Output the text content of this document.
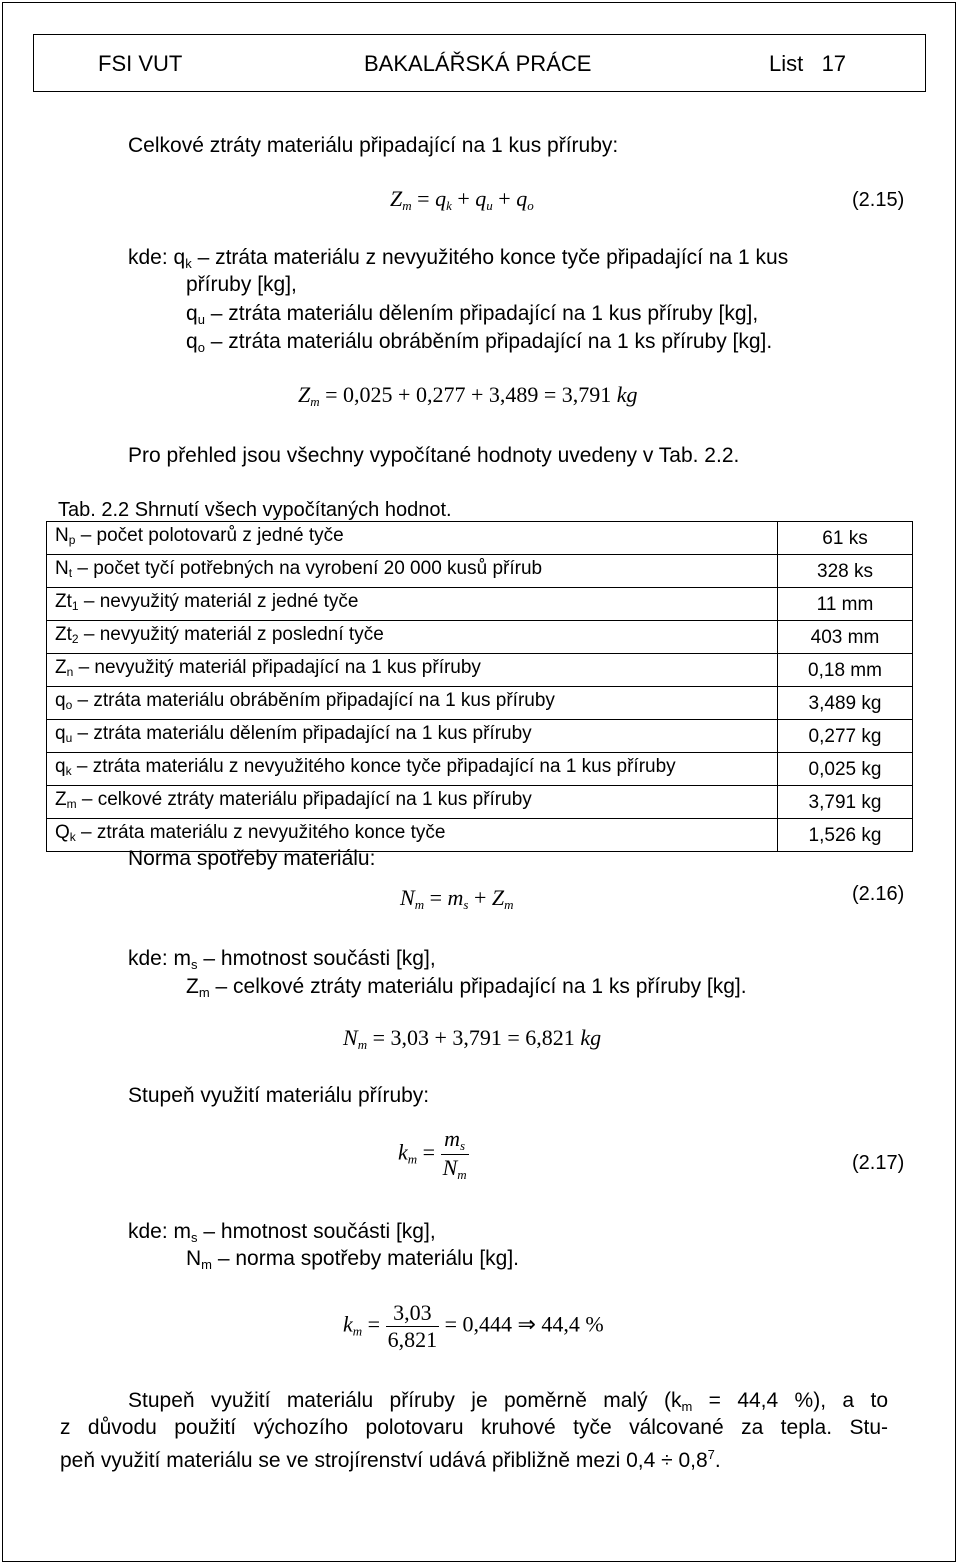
FSI VUT	BAKALÁŘSKÁ PRÁCE	List   17
Celkové ztráty materiálu připadající na 1 kus příruby:
Zm = qk + qu + qo	(2.15)
kde: qk – ztráta materiálu z nevyužitého konce tyče připadající na 1 kus
příruby [kg],
qu – ztráta materiálu dělením připadající na 1 kus příruby [kg],
qo – ztráta materiálu obráběním připadající na 1 ks příruby [kg].
Zm = 0,025 + 0,277 + 3,489 = 3,791 kg
Pro přehled jsou všechny vypočítané hodnoty uvedeny v Tab. 2.2.
Tab. 2.2 Shrnutí všech vypočítaných hodnot.
Np – počet polotovarů z jedné tyče	61 ks
Nt – počet tyčí potřebných na vyrobení 20 000 kusů přírub	328 ks
Zt1 – nevyužitý materiál z jedné tyče	11 mm
Zt2 – nevyužitý materiál z poslední tyče	403 mm
Zn – nevyužitý materiál připadající na 1 kus příruby	0,18 mm
qo – ztráta materiálu obráběním připadající na 1 kus příruby	3,489 kg
qu – ztráta materiálu dělením připadající na 1 kus příruby	0,277 kg
qk – ztráta materiálu z nevyužitého konce tyče připadající na 1 kus příruby	0,025 kg
Zm – celkové ztráty materiálu připadající na 1 kus příruby	3,791 kg
Qk – ztráta materiálu z nevyužitého konce tyče	1,526 kg
Norma spotřeby materiálu:
Nm = ms + Zm	(2.16)
kde: ms – hmotnost součásti [kg],
Zm – celkové ztráty materiálu připadající na 1 ks příruby [kg].
Nm = 3,03 + 3,791 = 6,821 kg
Stupeň využití materiálu příruby:
km = $\frac{ms}{Nm}$	(2.17)
kde: ms – hmotnost součásti [kg],
Nm – norma spotřeby materiálu [kg].
km = $\frac{3,03}{6,821} = 0,444$ ⇒ 44,4 %
Stupeň využití materiálu příruby je poměrně malý (km = 44,4 %), a to
z důvodu použití výchozího polotovaru kruhové tyče válcované za tepla. Stu-
peň využití materiálu se ve strojírenství udává přibližně mezi $0,4 \div 0,8^7$.
